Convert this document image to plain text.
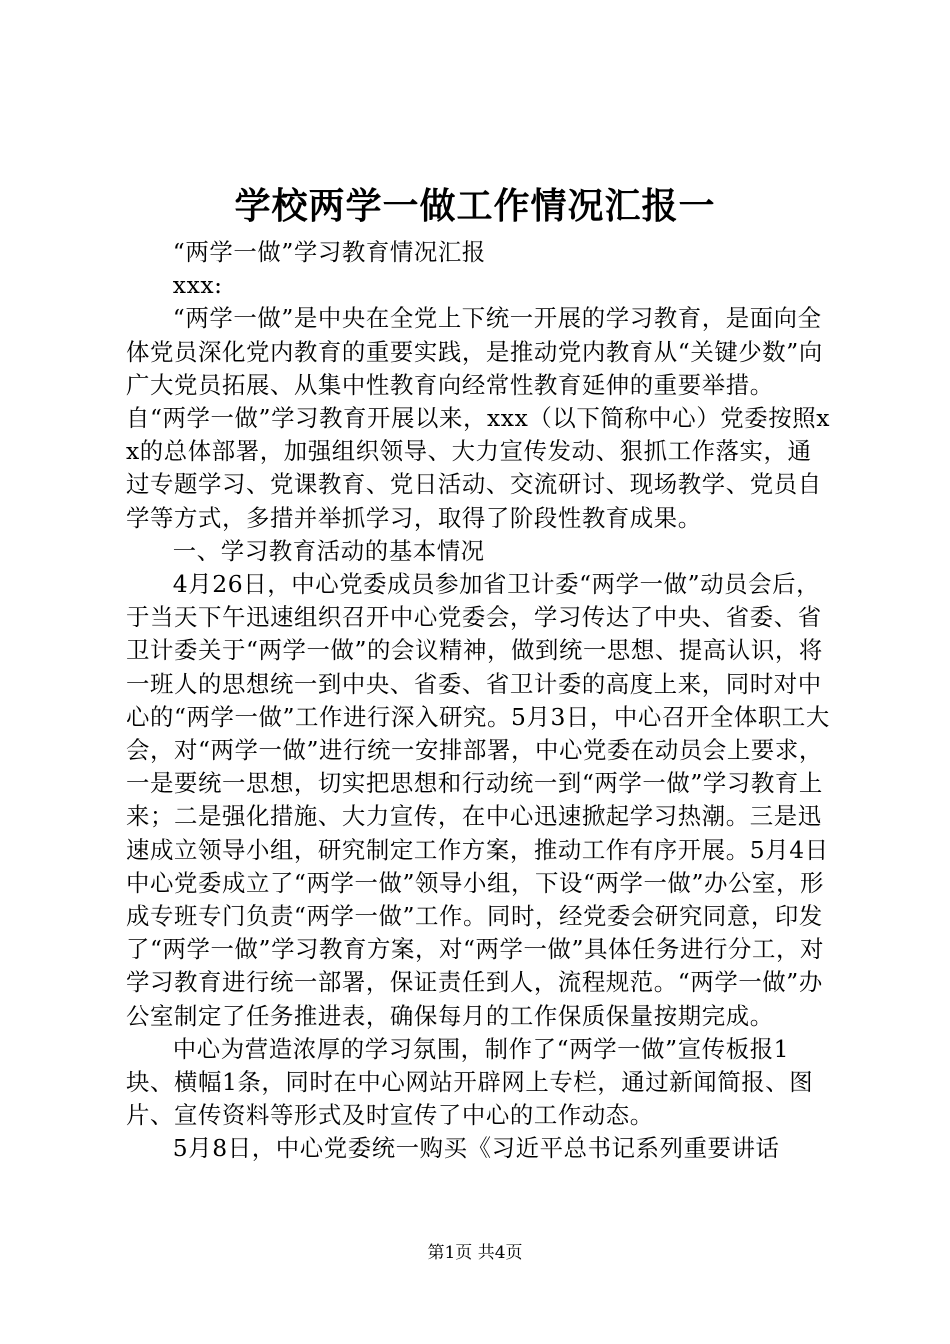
学校两学一做工作情况汇报一

“两学一做”学习教育情况汇报

xxx:

“两学一做”是中央在全党上下统一开展的学习教育，是面向全体党员深化党内教育的重要实践，是推动党内教育从“关键少数”向广大党员拓展、从集中性教育向经常性教育延伸的重要举措。自“两学一做”学习教育开展以来，xxx（以下简称中心）党委按照xx的总体部署，加强组织领导、大力宣传发动、狠抓工作落实，通过专题学习、党课教育、党日活动、交流研讨、现场教学、党员自学等方式，多措并举抓学习，取得了阶段性教育成果。

一、学习教育活动的基本情况

4月26日，中心党委成员参加省卫计委“两学一做”动员会后，于当天下午迅速组织召开中心党委会，学习传达了中央、省委、省卫计委关于“两学一做”的会议精神，做到统一思想、提高认识，将一班人的思想统一到中央、省委、省卫计委的高度上来，同时对中心的“两学一做”工作进行深入研究。5月3日，中心召开全体职工大会，对“两学一做”进行统一安排部署，中心党委在动员会上要求，一是要统一思想，切实把思想和行动统一到“两学一做”学习教育上来；二是强化措施、大力宣传，在中心迅速掀起学习热潮。三是迅速成立领导小组，研究制定工作方案，推动工作有序开展。5月4日中心党委成立了“两学一做”领导小组，下设“两学一做”办公室，形成专班专门负责“两学一做”工作。同时，经党委会研究同意，印发了“两学一做”学习教育方案，对“两学一做”具体任务进行分工，对学习教育进行统一部署，保证责任到人，流程规范。“两学一做”办公室制定了任务推进表，确保每月的工作保质保量按期完成。

中心为营造浓厚的学习氛围，制作了“两学一做”宣传板报1块、横幅1条，同时在中心网站开辟网上专栏，通过新闻简报、图片、宣传资料等形式及时宣传了中心的工作动态。

5月8日，中心党委统一购买《习近平总书记系列重要讲话

第1页 共4页
